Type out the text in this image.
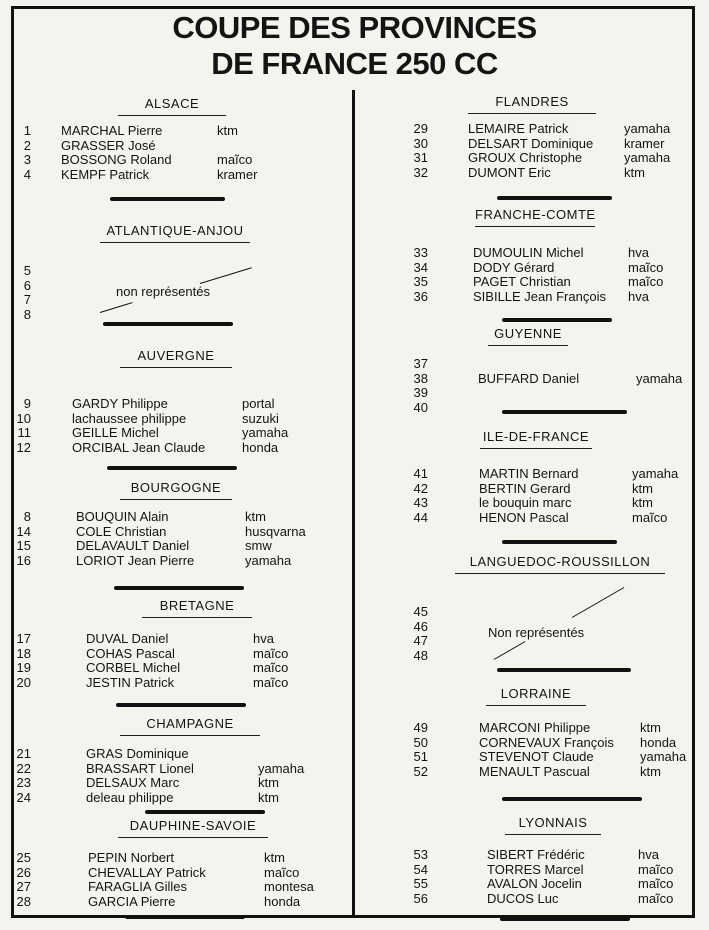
COUPE DES PROVINCES
DE FRANCE 250 CC
ALSACE
1 MARCHAL Pierre	ktm
2 GRASSER José
3 BOSSONG Roland	maĩco
4 KEMPF Patrick	kramer
ATLANTIQUE-ANJOU
5
6
7
8
non représentés
AUVERGNE
9	GARDY Philippe	portal
10	lachaussee philippe	suzuki
11	GEILLE Michel	yamaha
12	ORCIBAL Jean Claude	honda
BOURGOGNE
8	BOUQUIN Alain	ktm
14	COLE Christian	husqvarna
15	DELAVAULT Daniel	smw
16	LORIOT Jean Pierre	yamaha
BRETAGNE
17	DUVAL Daniel	hva
18	COHAS Pascal	maĩco
19	CORBEL Michel	maĩco
20	JESTIN Patrick	maĩco
CHAMPAGNE
21	GRAS Dominique
22	BRASSART Lionel	yamaha
23	DELSAUX Marc	ktm
24	deleau philippe	ktm
DAUPHINE-SAVOIE
25	PEPIN Norbert	ktm
26	CHEVALLAY Patrick	maĩco
27	FARAGLIA Gilles	montesa
28	GARCIA Pierre	honda
FLANDRES
29	LEMAIRE Patrick	yamaha
30	DELSART Dominique kramer
31	GROUX Christophe	yamaha
32	DUMONT Eric	ktm
FRANCHE-COMTE
33	DUMOULIN Michel	hva
34	DODY Gérard	maĩco
35	PAGET Christian	maĩco
36	SIBILLE Jean François hva
GUYENNE
37
38	BUFFARD Daniel	yamaha
39
40
ILE-DE-FRANCE
41	MARTIN Bernard	yamaha
42	BERTIN Gerard	ktm
43	le bouquin marc	ktm
44	HENON Pascal	maĩco
LANGUEDOC-ROUSSILLON
45
46
47
48
Non représentés
LORRAINE
49	MARCONI Philippe	ktm
50	CORNEVAUX François honda
51	STEVENOT Claude	yamaha
52	MENAULT Pascual	ktm
LYONNAIS
53	SIBERT Frédéric	hva
54	TORRES Marcel	maĩco
55	AVALON Jocelin	maĩco
56	DUCOS Luc	maĩco
